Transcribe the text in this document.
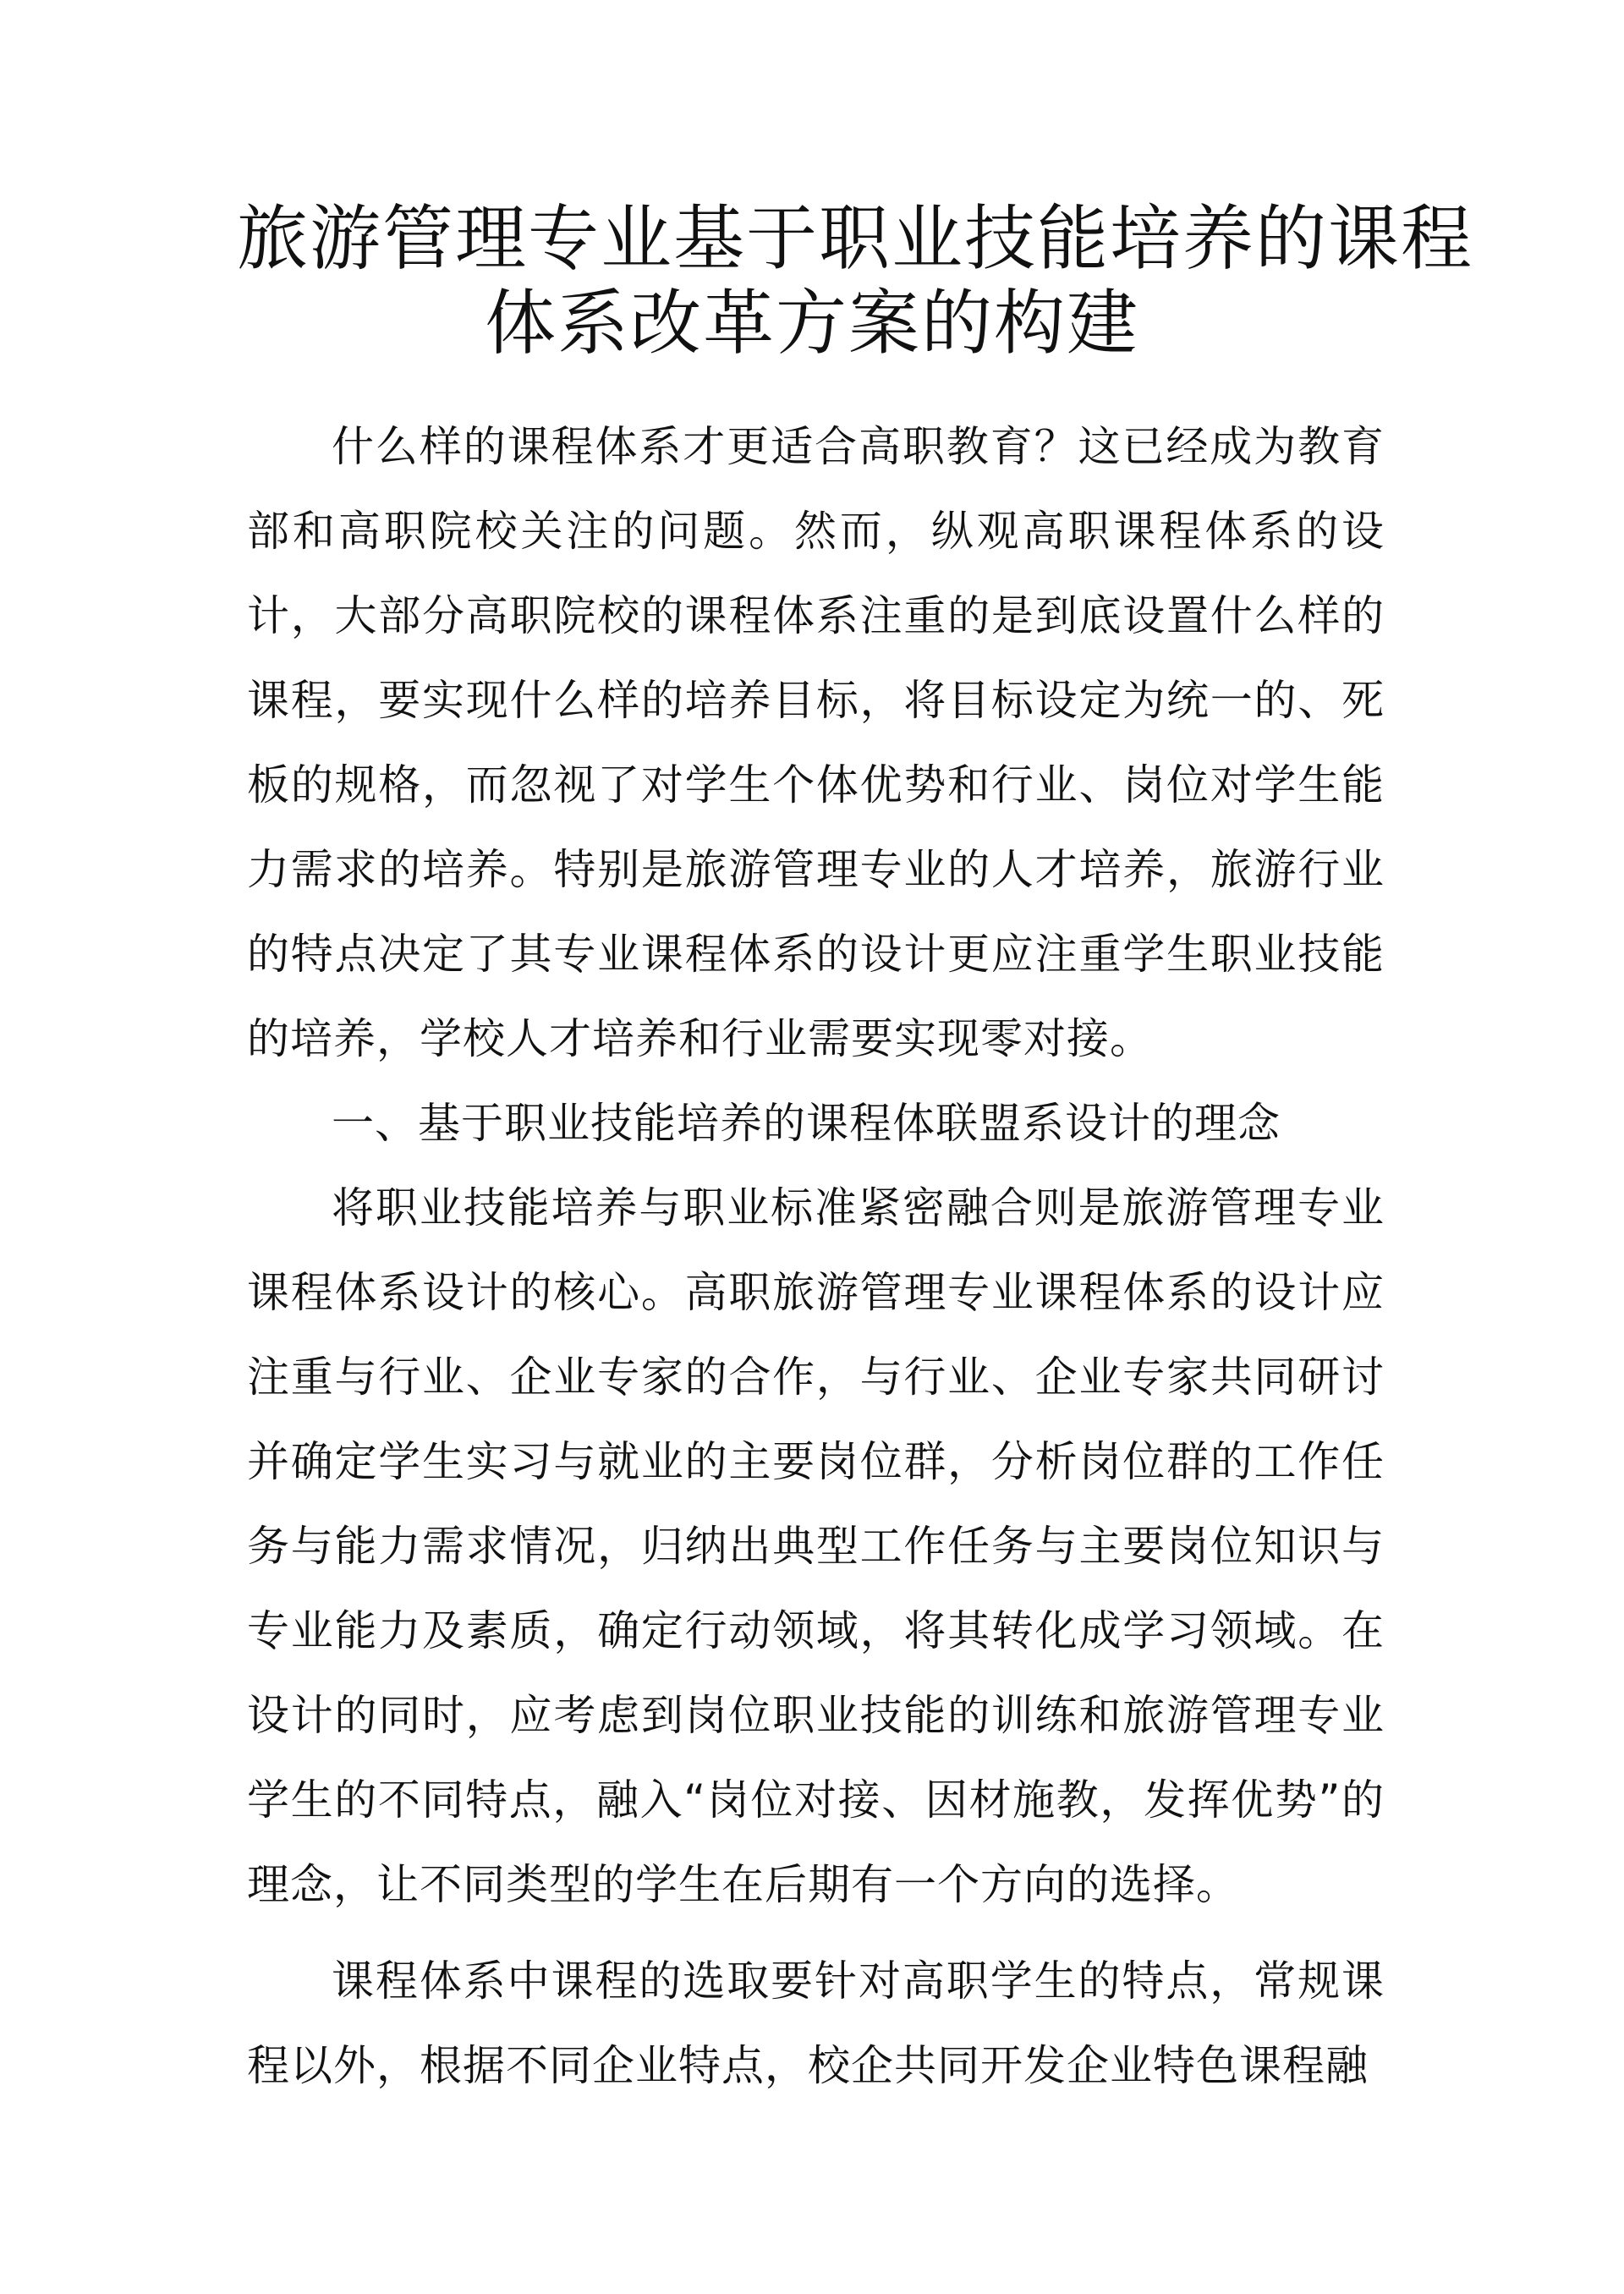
旅游管理专业基于职业技能培养的课程
体系改革方案的构建

什么样的课程体系才更适合高职教育？这已经成为教育部和高职院校关注的问题。然而，纵观高职课程体系的设计，大部分高职院校的课程体系注重的是到底设置什么样的课程，要实现什么样的培养目标，将目标设定为统一的、死板的规格，而忽视了对学生个体优势和行业、岗位对学生能力需求的培养。特别是旅游管理专业的人才培养，旅游行业的特点决定了其专业课程体系的设计更应注重学生职业技能的培养，学校人才培养和行业需要实现零对接。

一、基于职业技能培养的课程体联盟系设计的理念

将职业技能培养与职业标准紧密融合则是旅游管理专业课程体系设计的核心。高职旅游管理专业课程体系的设计应注重与行业、企业专家的合作，与行业、企业专家共同研讨并确定学生实习与就业的主要岗位群，分析岗位群的工作任务与能力需求情况，归纳出典型工作任务与主要岗位知识与专业能力及素质，确定行动领域，将其转化成学习领域。在设计的同时，应考虑到岗位职业技能的训练和旅游管理专业学生的不同特点，融入“岗位对接、因材施教，发挥优势”的理念，让不同类型的学生在后期有一个方向的选择。

课程体系中课程的选取要针对高职学生的特点，常规课程以外，根据不同企业特点，校企共同开发企业特色课程融
